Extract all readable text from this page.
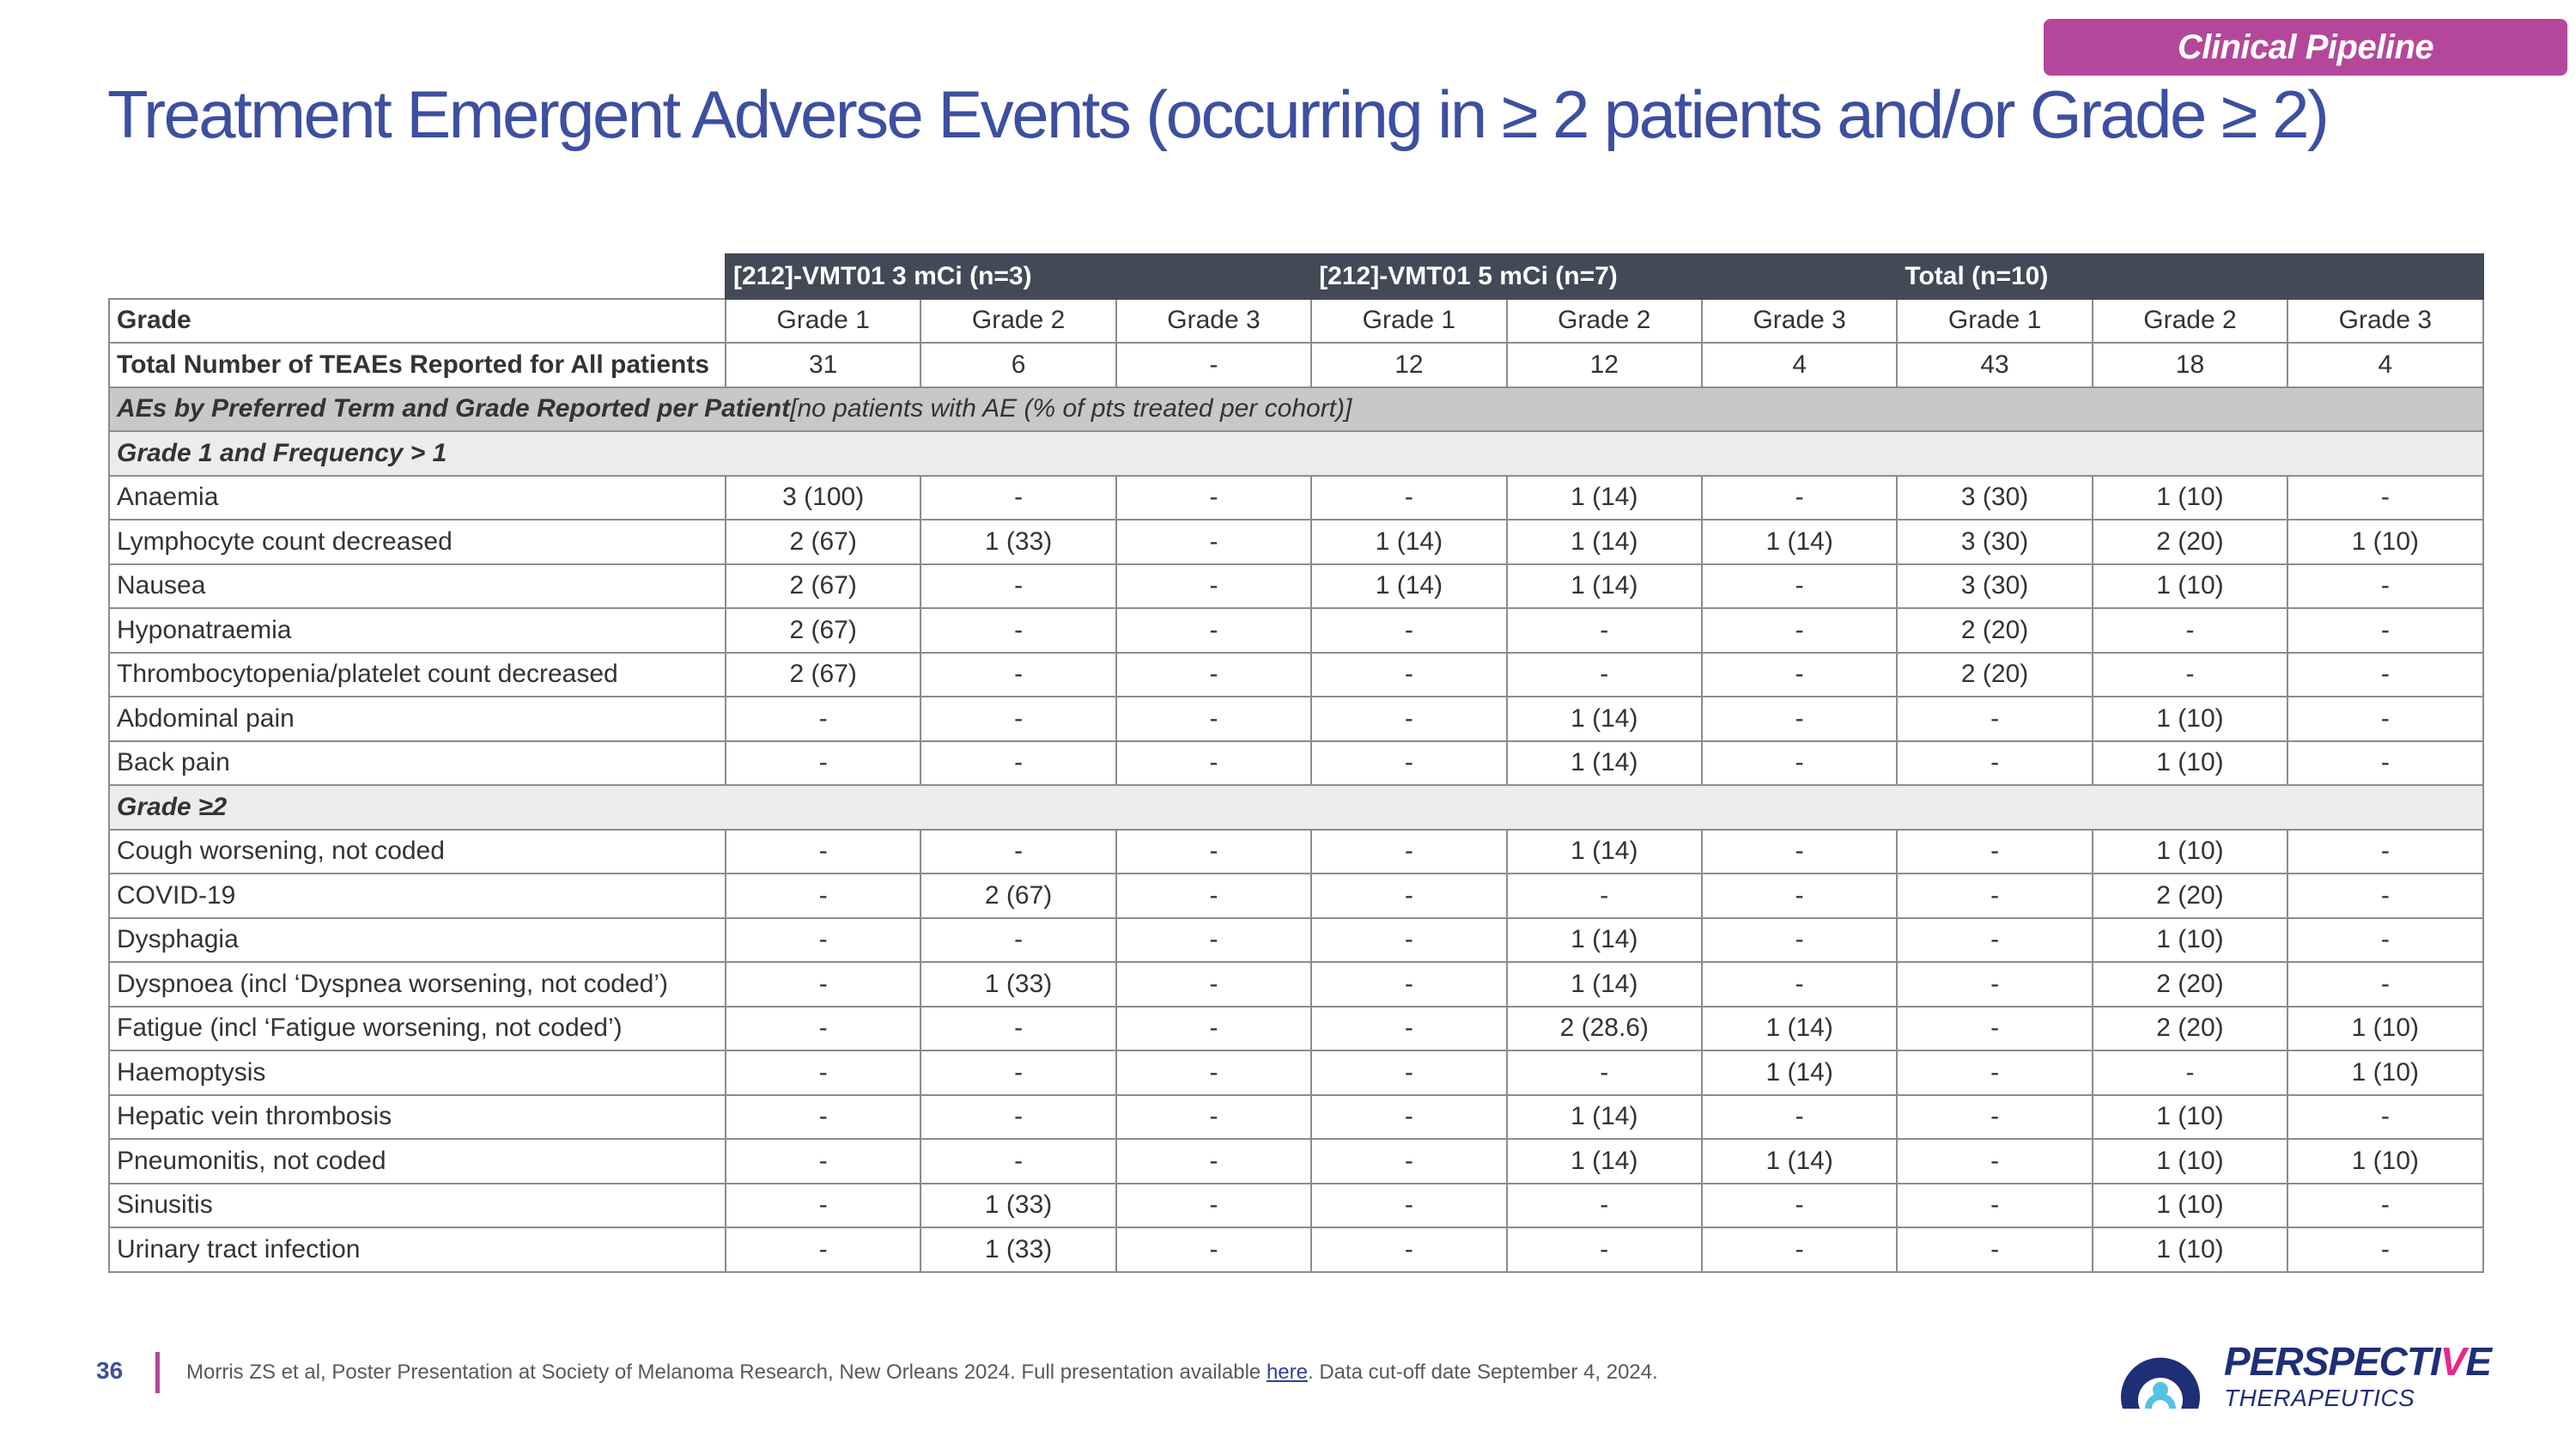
Clinical Pipeline
Treatment Emergent Adverse Events (occurring in ≥ 2 patients and/or Grade ≥ 2)
	[212]-VMT01 3 mCi (n=3)			[212]-VMT01 5 mCi (n=7)			Total (n=10)		
Grade	Grade 1	Grade 2	Grade 3	Grade 1	Grade 2	Grade 3	Grade 1	Grade 2	Grade 3
Total Number of TEAEs Reported for All patients	31	6	-	12	12	4	43	18	4
AEs by Preferred Term and Grade Reported per Patient[no patients with AE (% of pts treated per cohort)]									
Grade 1 and Frequency > 1									
Anaemia	3 (100)	-	-	-	1 (14)	-	3 (30)	1 (10)	-
Lymphocyte count decreased	2 (67)	1 (33)	-	1 (14)	1 (14)	1 (14)	3 (30)	2 (20)	1 (10)
Nausea	2 (67)	-	-	1 (14)	1 (14)	-	3 (30)	1 (10)	-
Hyponatraemia	2 (67)	-	-	-	-	-	2 (20)	-	-
Thrombocytopenia/platelet count decreased	2 (67)	-	-	-	-	-	2 (20)	-	-
Abdominal pain	-	-	-	-	1 (14)	-	-	1 (10)	-
Back pain	-	-	-	-	1 (14)	-	-	1 (10)	-
Grade ≥2									
Cough worsening, not coded	-	-	-	-	1 (14)	-	-	1 (10)	-
COVID-19	-	2 (67)	-	-	-	-	-	2 (20)	-
Dysphagia	-	-	-	-	1 (14)	-	-	1 (10)	-
Dyspnoea (incl ‘Dyspnea worsening, not coded’)	-	1 (33)	-	-	1 (14)	-	-	2 (20)	-
Fatigue (incl ‘Fatigue worsening, not coded’)	-	-	-	-	2 (28.6)	1 (14)	-	2 (20)	1 (10)
Haemoptysis	-	-	-	-	-	1 (14)	-	-	1 (10)
Hepatic vein thrombosis	-	-	-	-	1 (14)	-	-	1 (10)	-
Pneumonitis, not coded	-	-	-	-	1 (14)	1 (14)	-	1 (10)	1 (10)
Sinusitis	-	1 (33)	-	-	-	-	-	1 (10)	-
Urinary tract infection	-	1 (33)	-	-	-	-	-	1 (10)	-
36	Morris ZS et al, Poster Presentation at Society of Melanoma Research, New Orleans 2024. Full presentation available here. Data cut-off date September 4, 2024.	PERSPECTIVE
THERAPEUTICS
